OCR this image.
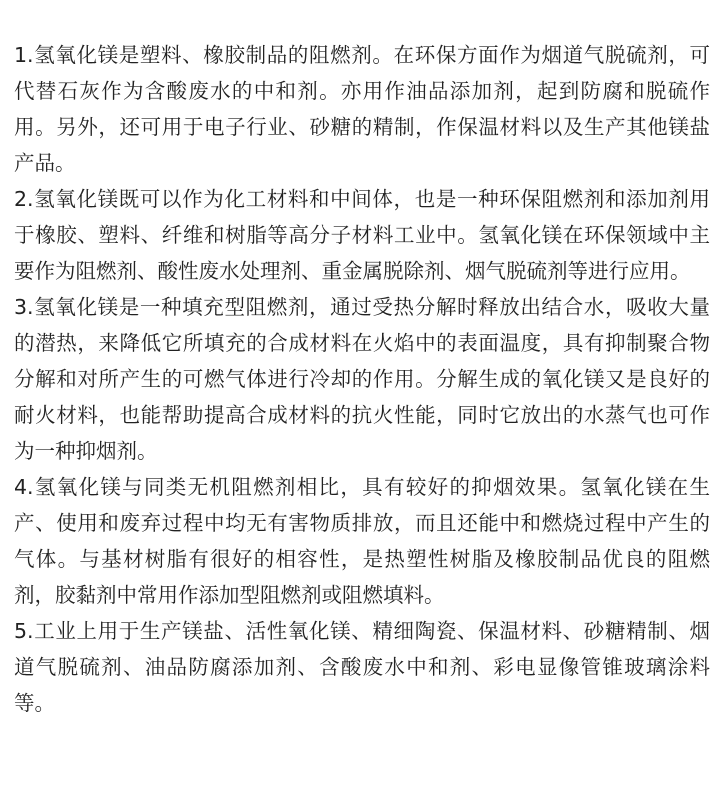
1.氢氧化镁是塑料、橡胶制品的阻燃剂。在环保方面作为烟道气脱硫剂，可代替石灰作为含酸废水的中和剂。亦用作油品添加剂，起到防腐和脱硫作用。另外，还可用于电子行业、砂糖的精制，作保温材料以及生产其他镁盐产品。

2.氢氧化镁既可以作为化工材料和中间体，也是一种环保阻燃剂和添加剂用于橡胶、塑料、纤维和树脂等高分子材料工业中。氢氧化镁在环保领域中主要作为阻燃剂、酸性废水处理剂、重金属脱除剂、烟气脱硫剂等进行应用。

3.氢氧化镁是一种填充型阻燃剂，通过受热分解时释放出结合水，吸收大量的潜热，来降低它所填充的合成材料在火焰中的表面温度，具有抑制聚合物分解和对所产生的可燃气体进行冷却的作用。分解生成的氧化镁又是良好的耐火材料，也能帮助提高合成材料的抗火性能，同时它放出的水蒸气也可作为一种抑烟剂。

4.氢氧化镁与同类无机阻燃剂相比，具有较好的抑烟效果。氢氧化镁在生产、使用和废弃过程中均无有害物质排放，而且还能中和燃烧过程中产生的气体。与基材树脂有很好的相容性，是热塑性树脂及橡胶制品优良的阻燃剂，胶黏剂中常用作添加型阻燃剂或阻燃填料。

5.工业上用于生产镁盐、活性氧化镁、精细陶瓷、保温材料、砂糖精制、烟道气脱硫剂、油品防腐添加剂、含酸废水中和剂、彩电显像管锥玻璃涂料等。
